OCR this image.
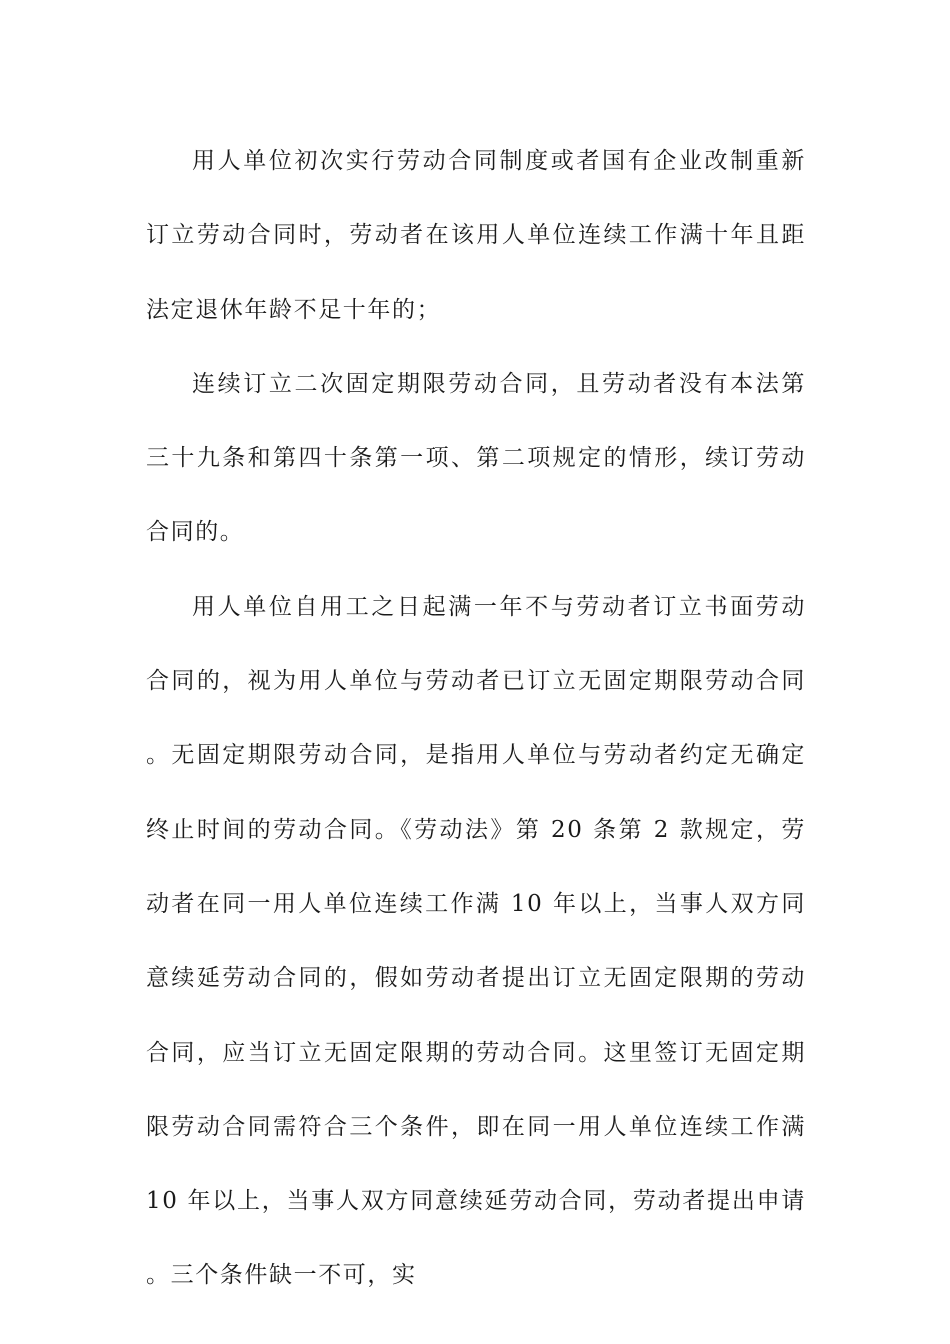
用人单位初次实行劳动合同制度或者国有企业改制重新订立劳动合同时，劳动者在该用人单位连续工作满十年且距法定退休年龄不足十年的；

连续订立二次固定期限劳动合同，且劳动者没有本法第三十九条和第四十条第一项、第二项规定的情形，续订劳动合同的。

用人单位自用工之日起满一年不与劳动者订立书面劳动合同的，视为用人单位与劳动者已订立无固定期限劳动合同。无固定期限劳动合同，是指用人单位与劳动者约定无确定终止时间的劳动合同。《劳动法》第 20 条第 2 款规定，劳动者在同一用人单位连续工作满 10 年以上，当事人双方同意续延劳动合同的，假如劳动者提出订立无固定限期的劳动合同，应当订立无固定限期的劳动合同。这里签订无固定期限劳动合同需符合三个条件，即在同一用人单位连续工作满 10 年以上，当事人双方同意续延劳动合同，劳动者提出申请。三个条件缺一不可，实
